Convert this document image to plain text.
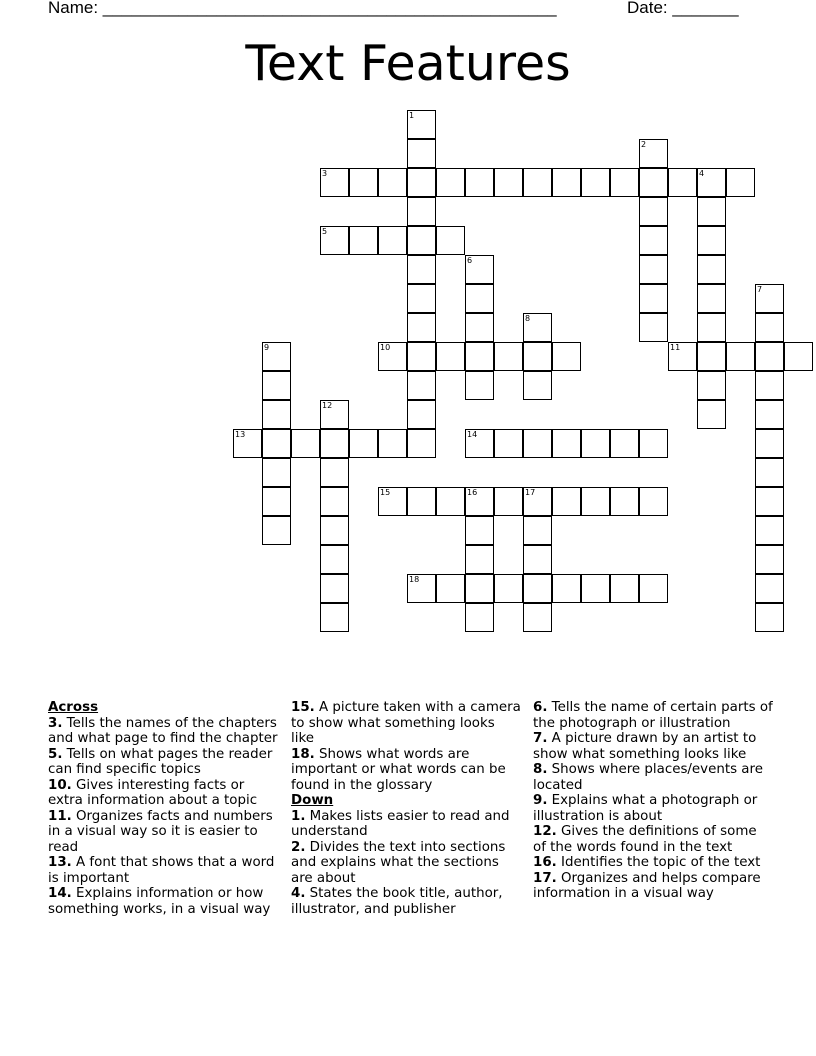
Name: ________________________________________________	Date: _______
Text Features
1
2
3	4
5
6
7
8
9	10	11
12
13	14
15	16	17
18
Across
3. Tells the names of the chapters and what page to find the chapter
5. Tells on what pages the reader can find specific topics
10. Gives interesting facts or extra information about a topic
11. Organizes facts and numbers in a visual way so it is easier to read
13. A font that shows that a word is important
14. Explains information or how something works, in a visual way
15. A picture taken with a camera to show what something looks like
18. Shows what words are important or what words can be found in the glossary
Down
1. Makes lists easier to read and understand
2. Divides the text into sections and explains what the sections are about
4. States the book title, author, illustrator, and publisher
6. Tells the name of certain parts of the photograph or illustration
7. A picture drawn by an artist to show what something looks like
8. Shows where places/events are located
9. Explains what a photograph or illustration is about
12. Gives the definitions of some of the words found in the text
16. Identifies the topic of the text
17. Organizes and helps compare information in a visual way
